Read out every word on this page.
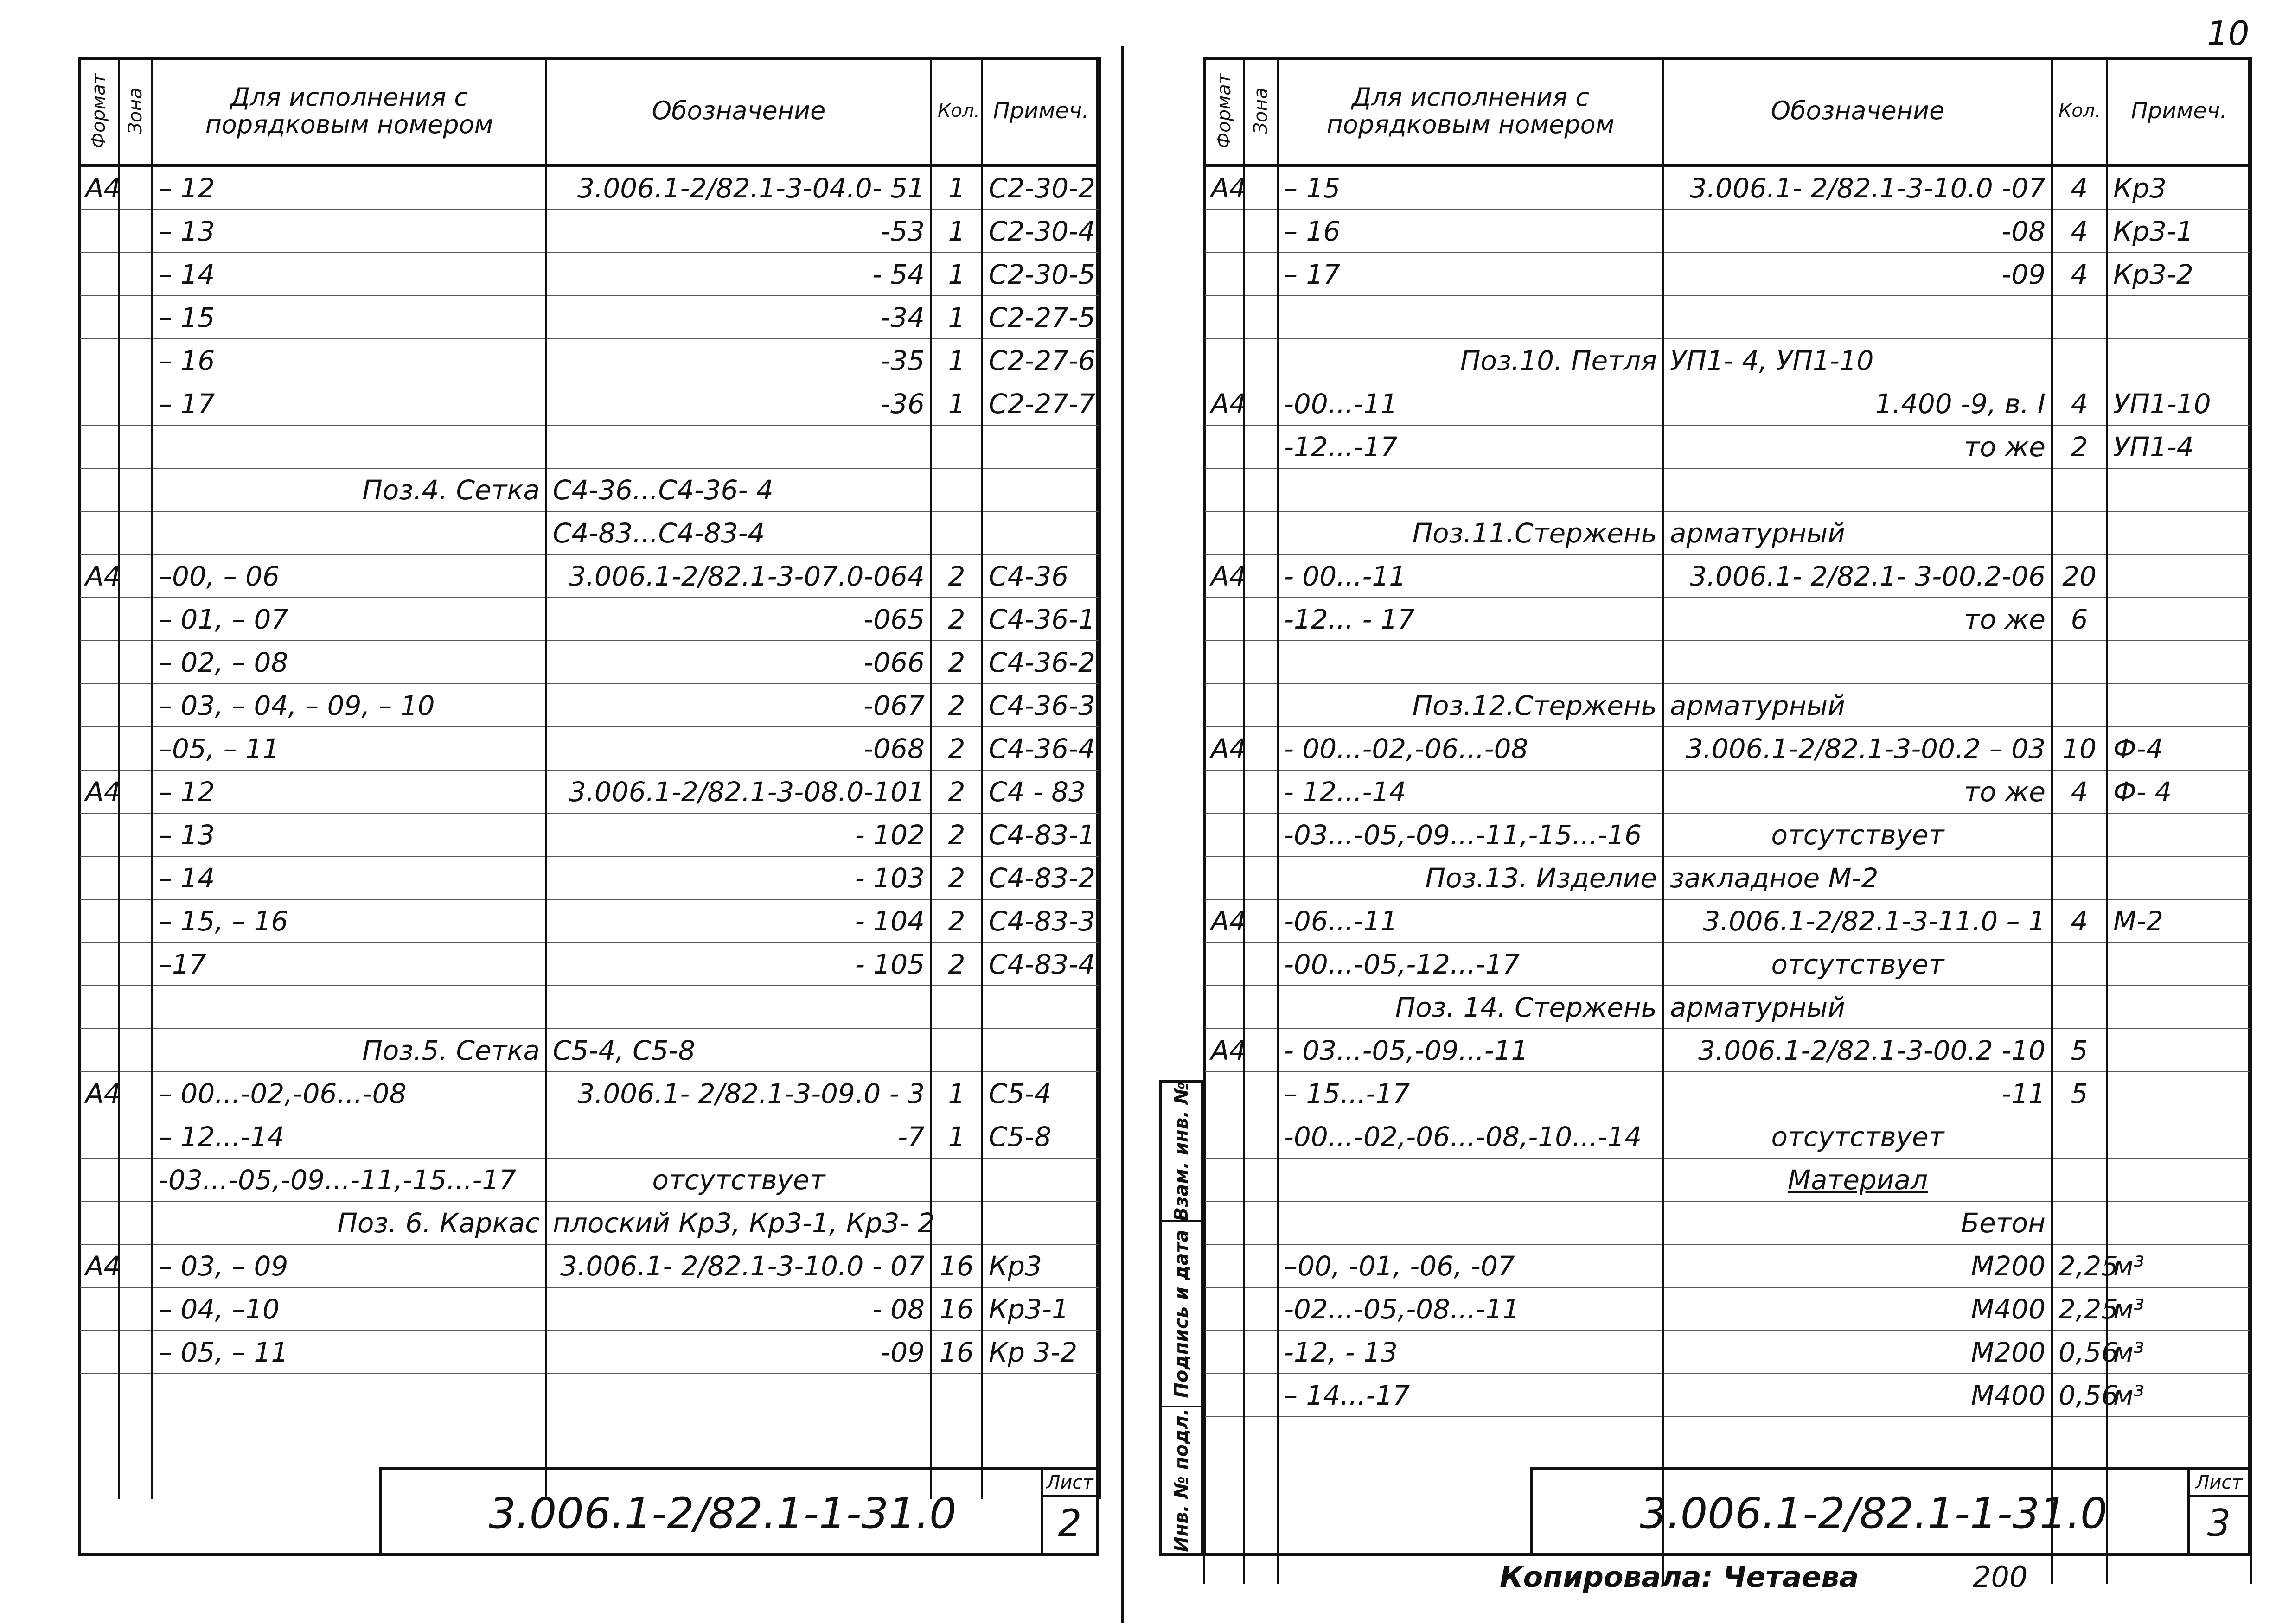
Формат	Зона	Для исполнения с порядковым номером	Обозначение	Кол.	Примеч.
А4		– 12	3.006.1-2/82.1-3-04.0- 51	1	С2-30-2
		– 13	-53	1	С2-30-4
		– 14	- 54	1	С2-30-5
		– 15	-34	1	С2-27-5
		– 16	-35	1	С2-27-6
		– 17	-36	1	С2-27-7

		Поз.4. Сетка	С4-36...С4-36- 4		
			С4-83...С4-83-4		
А4		–00, – 06	3.006.1-2/82.1-3-07.0-064	2	С4-36
		– 01, – 07	-065	2	С4-36-1
		– 02, – 08	-066	2	С4-36-2
		– 03, – 04, – 09, – 10	-067	2	С4-36-3
		–05, – 11	-068	2	С4-36-4
А4		– 12	3.006.1-2/82.1-3-08.0-101	2	С4 - 83
		– 13	- 102	2	С4-83-1
		– 14	- 103	2	С4-83-2
		– 15, – 16	- 104	2	С4-83-3
		–17	- 105	2	С4-83-4

		Поз.5. Сетка	С5-4, С5-8		
А4		– 00...-02,-06...-08	3.006.1- 2/82.1-3-09.0 - 3	1	С5-4
		– 12...-14	-7	1	С5-8
		-03...-05,-09...-11,-15...-17	отсутствует		
		Поз. 6. Каркас	плоский Кр3, Кр3-1, Кр3- 2		
А4		– 03, – 09	3.006.1- 2/82.1-3-10.0 - 07	16	Кр3
		– 04, –10	- 08	16	Кр3-1
		– 05, – 11	-09	16	Кр 3-2

3.006.1-2/82.1-1-31.0
Лист
2
Взам. инв. №
Подпись и дата
Инв. № подл.
Формат	Зона	Для исполнения с порядковым номером	Обозначение	Кол.	Примеч.
А4		– 15	3.006.1- 2/82.1-3-10.0 -07	4	Кр3
		– 16	-08	4	Кр3-1
		– 17	-09	4	Кр3-2

		Поз.10. Петля	УП1- 4, УП1-10		
А4		-00...-11	1.400 -9, в. I	4	УП1-10
		-12...-17	то же	2	УП1-4

		Поз.11.Стержень	арматурный		
А4		- 00...-11	3.006.1- 2/82.1- 3-00.2-06	20	
		-12... - 17	то же	6	

		Поз.12.Стержень	арматурный		
А4		- 00...-02,-06...-08	3.006.1-2/82.1-3-00.2 – 03	10	Ф-4
		- 12...-14	то же	4	Ф- 4
		-03...-05,-09...-11,-15...-16	отсутствует		
		Поз.13. Изделие	закладное М-2		
А4		-06...-11	3.006.1-2/82.1-3-11.0 – 1	4	М-2
		-00...-05,-12...-17	отсутствует		
		Поз. 14. Стержень	арматурный		
А4		- 03...-05,-09...-11	3.006.1-2/82.1-3-00.2 -10	5	
		– 15...-17	-11	5	
		-00...-02,-06...-08,-10...-14	отсутствует		
			Материал		
			Бетон		
		–00, -01, -06, -07	М200	2,25	м³
		-02...-05,-08...-11	М400	2,25	м³
		-12, - 13	М200	0,56	м³
		– 14...-17	М400	0,56	м³

3.006.1-2/82.1-1-31.0
Лист
3
Копировала: Четаева	200
10
